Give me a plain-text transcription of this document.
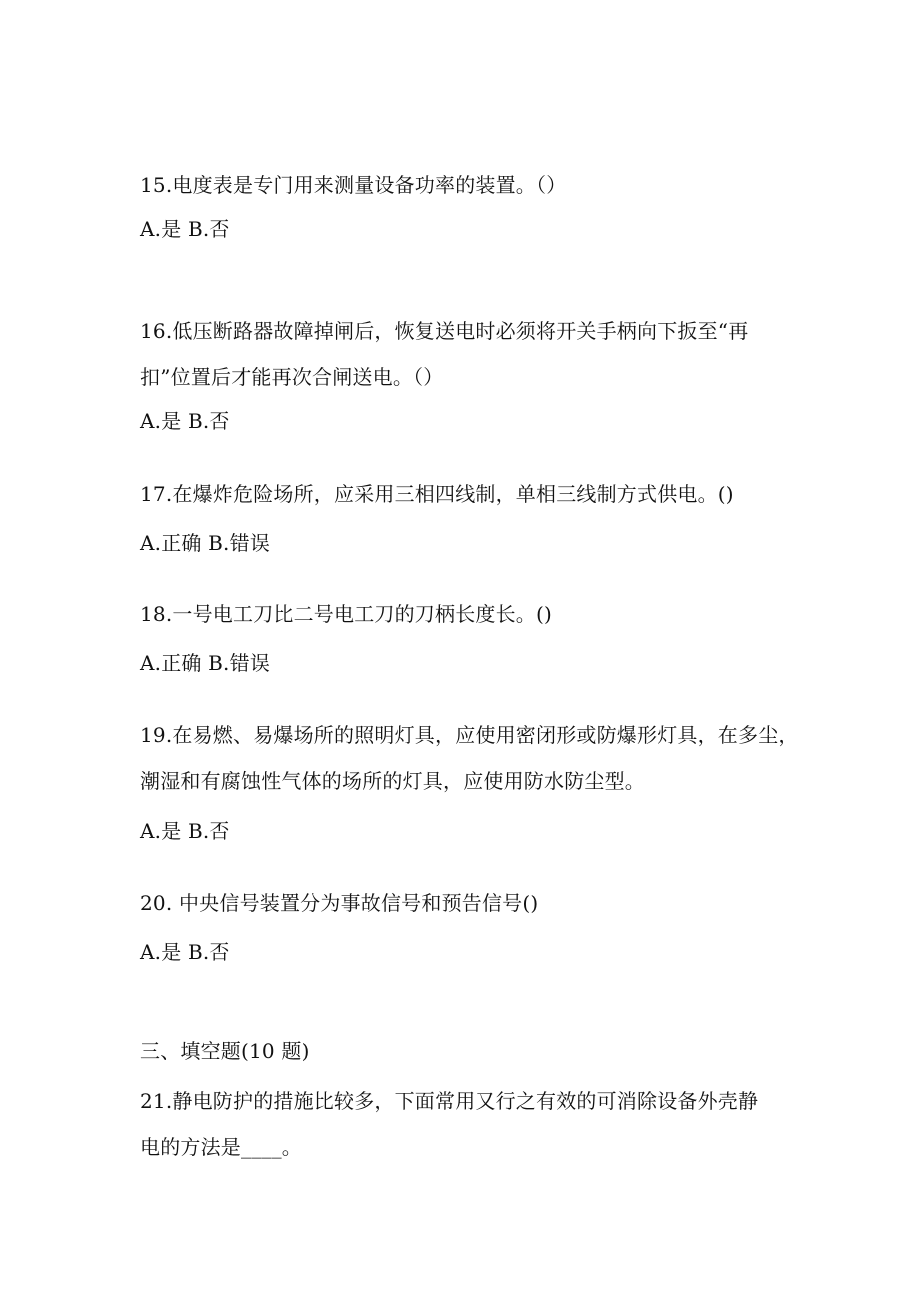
15.电度表是专门用来测量设备功率的装置。（）
A.是 B.否
16.低压断路器故障掉闸后，恢复送电时必须将开关手柄向下扳至“再
扣”位置后才能再次合闸送电。（）
A.是 B.否
17.在爆炸危险场所，应采用三相四线制，单相三线制方式供电。()
A.正确 B.错误
18.一号电工刀比二号电工刀的刀柄长度长。()
A.正确 B.错误
19.在易燃、易爆场所的照明灯具，应使用密闭形或防爆形灯具，在多尘，
潮湿和有腐蚀性气体的场所的灯具，应使用防水防尘型。
A.是 B.否
20. 中央信号装置分为事故信号和预告信号()
A.是 B.否
三、填空题(10 题)
21.静电防护的措施比较多，下面常用又行之有效的可消除设备外壳静
电的方法是____。
